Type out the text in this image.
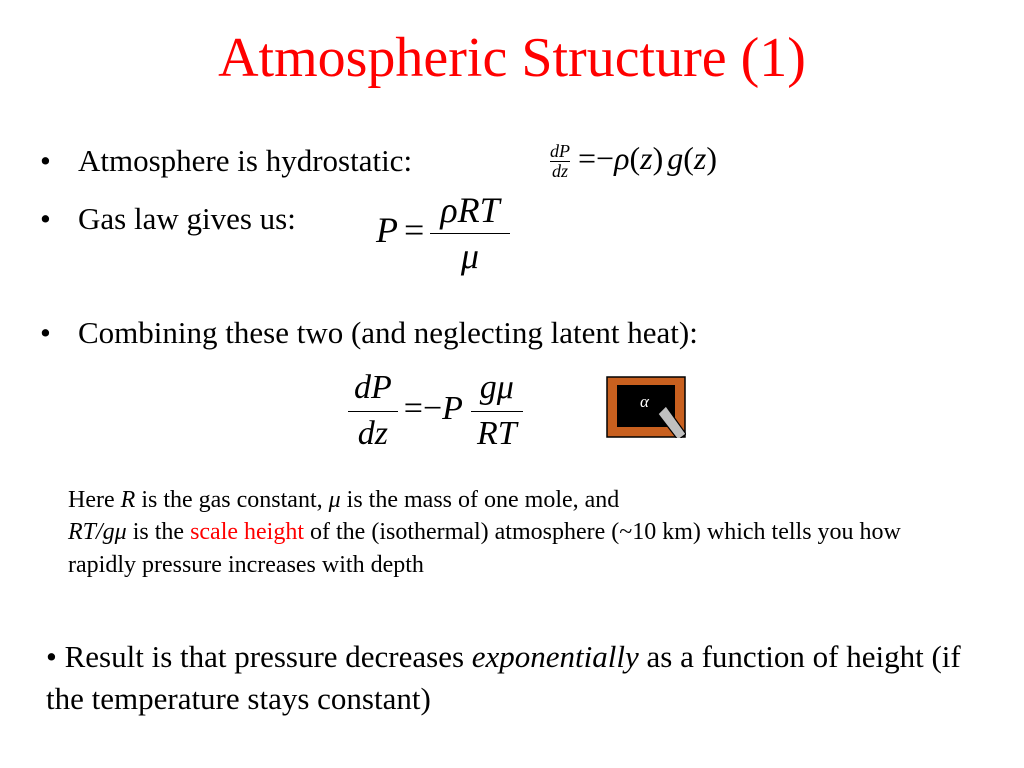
Atmospheric Structure (1)
• Atmosphere is hydrostatic:	$\frac{dP}{dz} =-\rho(z)$ g(z)
• Gas law gives us: $P = \frac{\text{ρRT}}{\mu}$
• Combining these two (and neglecting latent heat):
$\frac{dP}{dz} =-P \frac{g\mu}{RT}$	α
Here R is the gas constant, μ is the mass of one mole, and
RT/gμ is the scale height of the (isothermal) atmosphere (~10 km) which tells you how rapidly pressure increases with depth
• Result is that pressure decreases exponentially as a function of height (if the temperature stays constant)
